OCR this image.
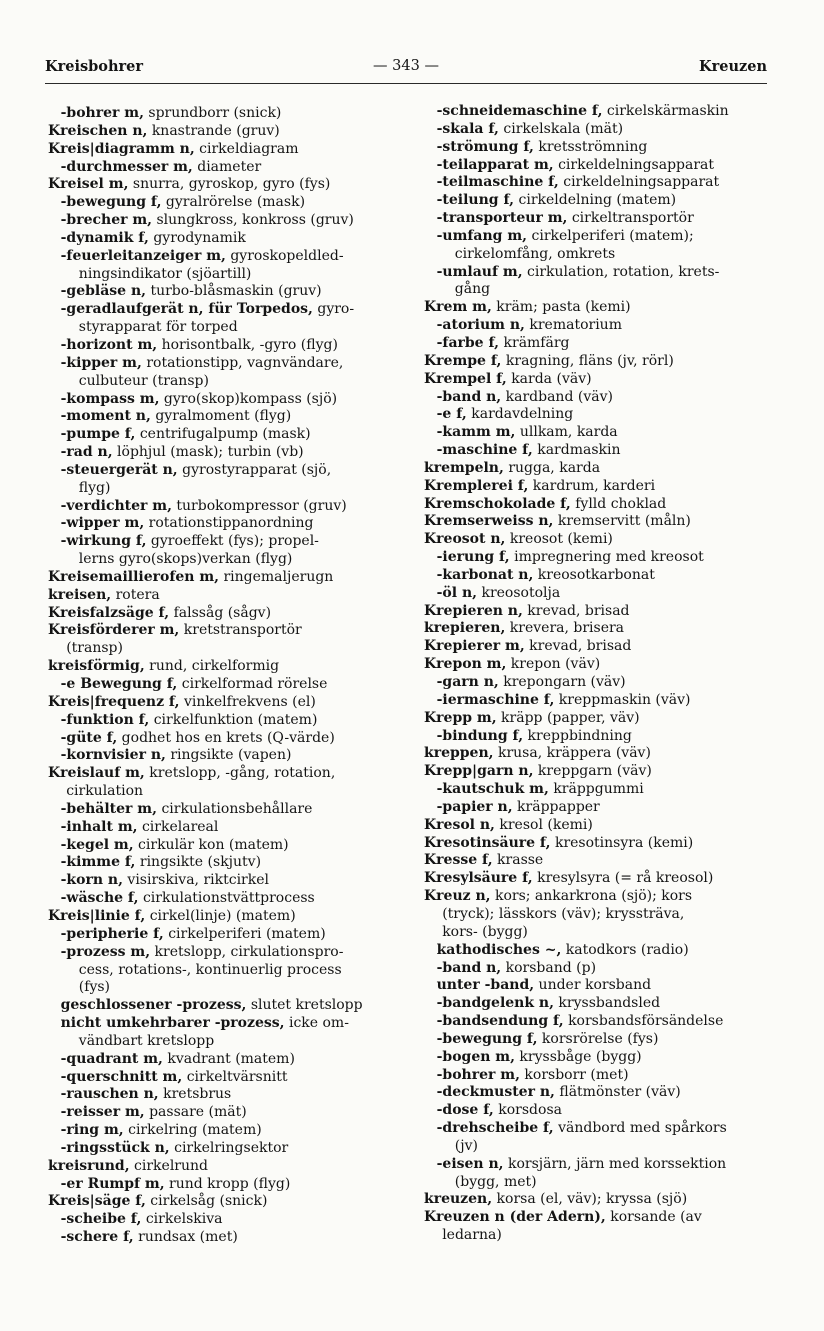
— 343 —
Kreisbohrer	Kreuzen

-bohrer m, sprundborr (snick)

Kreischen n, knastrande (gruv)

Kreis|diagramm n, cirkeldiagram

-durchmesser m, diameter

Kreisel m, snurra, gyroskop, gyro (fys)

-bewegung f, gyralrörelse (mask)

-brecher m, slungkross, konkross (gruv)

-dynamik f, gyrodynamik

-feuerleitanzeiger m, gyroskopeldled-
ningsindikator (sjöartill)

-gebläse n, turbo-blåsmaskin (gruv)

-geradlaufgerät n, für Torpedos, gyro-
styrapparat för torped

-horizont m, horisontbalk, -gyro (flyg)

-kipper m, rotationstipp, vagnvändare,
culbuteur (transp)

-kompass m, gyro(skop)kompass (sjö)

-moment n, gyralmoment (flyg)

-pumpe f, centrifugalpump (mask)

-rad n, löphjul (mask); turbin (vb)

-steuergerät n, gyrostyrapparat (sjö,
flyg)

-verdichter m, turbokompressor (gruv)

-wipper m, rotationstippanordning

-wirkung f, gyroeffekt (fys); propel-
lerns gyro(skops)verkan (flyg)

Kreisemaillierofen m, ringemaljerugn

kreisen, rotera

Kreisfalzsäge f, falssåg (sågv)

Kreisförderer m, kretstransportör
(transp)

kreisförmig, rund, cirkelformig

-e Bewegung f, cirkelformad rörelse

Kreis|frequenz f, vinkelfrekvens (el)

-funktion f, cirkelfunktion (matem)

-güte f, godhet hos en krets (Q-värde)

-kornvisier n, ringsikte (vapen)

Kreislauf m, kretslopp, -gång, rotation,
cirkulation

-behälter m, cirkulationsbehållare

-inhalt m, cirkelareal

-kegel m, cirkulär kon (matem)

-kimme f, ringsikte (skjutv)

-korn n, visirskiva, riktcirkel

-wäsche f, cirkulationstvättprocess

Kreis|linie f, cirkel(linje) (matem)

-peripherie f, cirkelperiferi (matem)

-prozess m, kretslopp, cirkulationspro-
cess, rotations-, kontinuerlig process
(fys)

geschlossener -prozess, slutet kretslopp

nicht umkehrbarer -prozess, icke om-
vändbart kretslopp

-quadrant m, kvadrant (matem)

-querschnitt m, cirkeltvärsnitt

-rauschen n, kretsbrus

-reisser m, passare (mät)

-ring m, cirkelring (matem)

-ringsstück n, cirkelringsektor

kreisrund, cirkelrund

-er Rumpf m, rund kropp (flyg)

Kreis|säge f, cirkelsåg (snick)

-scheibe f, cirkelskiva

-schere f, rundsax (met)

-schneidemaschine f, cirkelskärmaskin

-skala f, cirkelskala (mät)

-strömung f, kretsströmning

-teilapparat m, cirkeldelningsapparat

-teilmaschine f, cirkeldelningsapparat

-teilung f, cirkeldelning (matem)

-transporteur m, cirkeltransportör

-umfang m, cirkelperiferi (matem);
cirkelomfång, omkrets

-umlauf m, cirkulation, rotation, krets-
gång

Krem m, kräm; pasta (kemi)

-atorium n, krematorium

-farbe f, krämfärg

Krempe f, kragning, fläns (jv, rörl)

Krempel f, karda (väv)

-band n, kardband (väv)

-e f, kardavdelning

-kamm m, ullkam, karda

-maschine f, kardmaskin

krempeln, rugga, karda

Kremplerei f, kardrum, karderi

Kremschokolade f, fylld choklad

Kremserweiss n, kremservitt (måln)

Kreosot n, kreosot (kemi)

-ierung f, impregnering med kreosot

-karbonat n, kreosotkarbonat

-öl n, kreosotolja

Krepieren n, krevad, brisad

krepieren, krevera, brisera

Krepierer m, krevad, brisad

Krepon m, krepon (väv)

-garn n, krepongarn (väv)

-iermaschine f, kreppmaskin (väv)

Krepp m, kräpp (papper, väv)

-bindung f, kreppbindning

kreppen, krusa, kräppera (väv)

Krepp|garn n, kreppgarn (väv)

-kautschuk m, kräppgummi

-papier n, kräppapper

Kresol n, kresol (kemi)

Kresotinsäure f, kresotinsyra (kemi)

Kresse f, krasse

Kresylsäure f, kresylsyra (= rå kreosol)

Kreuz n, kors; ankarkrona (sjö); kors
(tryck); lässkors (väv); kryssträva,
kors- (bygg)

kathodisches ~, katodkors (radio)

-band n, korsband (p)

unter -band, under korsband

-bandgelenk n, kryssbandsled

-bandsendung f, korsbandsförsändelse

-bewegung f, korsrörelse (fys)

-bogen m, kryssbåge (bygg)

-bohrer m, korsborr (met)

-deckmuster n, flätmönster (väv)

-dose f, korsdosa

-drehscheibe f, vändbord med spårkors
(jv)

-eisen n, korsjärn, järn med korssektion
(bygg, met)

kreuzen, korsa (el, väv); kryssa (sjö)

Kreuzen n (der Adern), korsande (av
ledarna)
